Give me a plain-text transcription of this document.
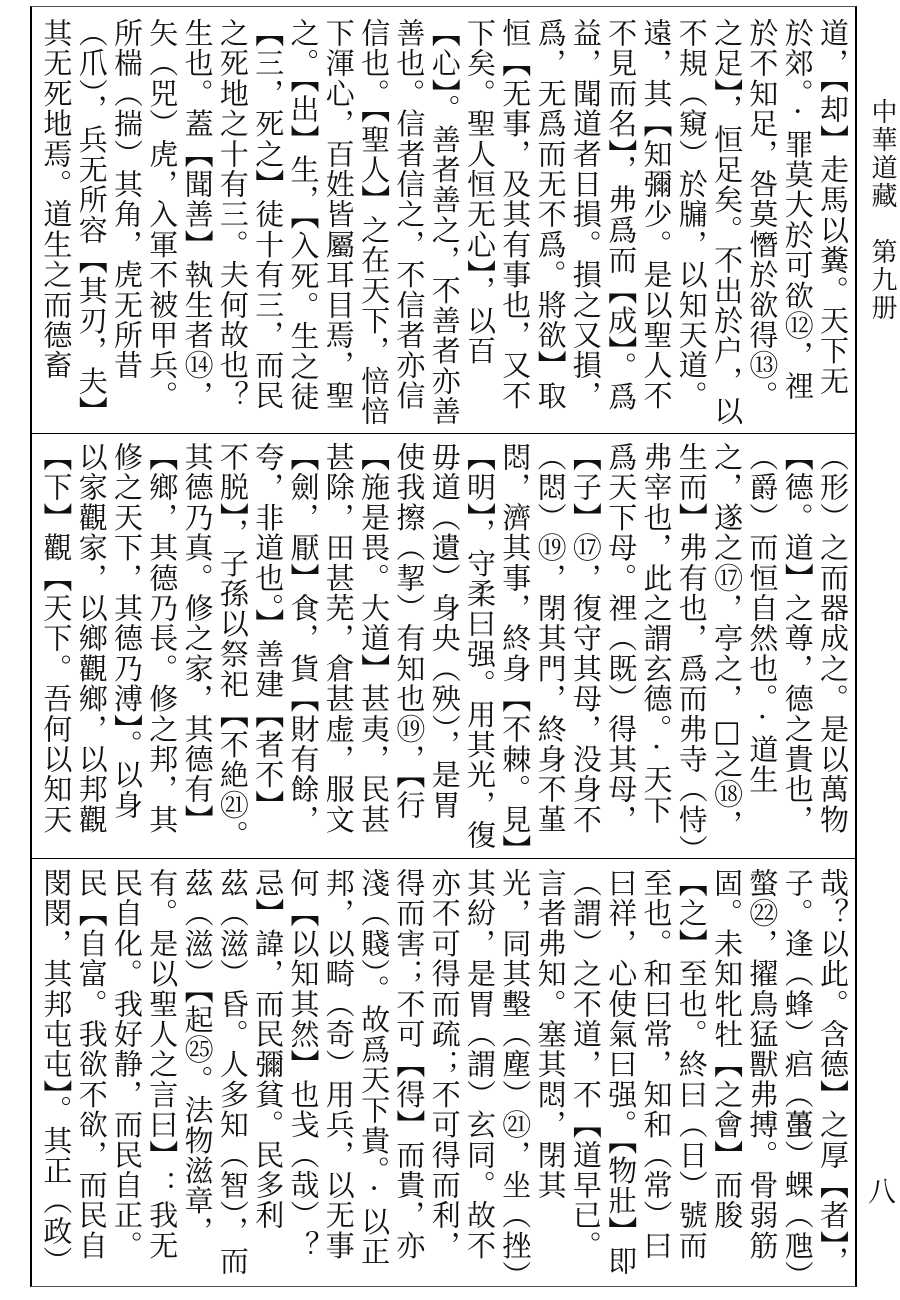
中華道藏　第九册
八
道，【却】走馬以糞。天下无
於郊。·罪莫大於可欲⑫，𥚃
於不知足，咎莫憯於欲得⑬。
之足】，恒足矣。不出於户，以
不規（窺）於牖，以知天道。
遠，其【知彌少。是以聖人不
不見而名】，弗爲而【成】。爲
益，聞道者日損。損之又損，
爲，无爲而无不爲。將欲】取
恒【无事，及其有事也，又不
下矣。聖人恒无心】，以百
【心】。善者善之，不善者亦善
善也。信者信之，不信者亦信
信也。【聖人】之在天下，㥉㥉
下渾心，百姓皆屬耳目焉，聖
之。【出】生，【入死。生之徒
【三，死之】徒十有三，而民
之死地之十有三。夫何故也？
生也。蓋【聞善】執生者⑭，
矢（兕）虎，入軍不被甲兵。
所椯（揣）其角，虎无所昔
（爪），兵无所容【其刃，夫】
其无死地焉。道生之而德畜
（形）之而器成之。是以萬物
【德。道】之尊，德之貴也，
（爵）而恒自然也。·道生
之，遂之⑰，亭之，□之⑱，
生而】弗有也，爲而弗寺（恃）
弗宰也，此之謂玄德。·天下
爲天下母。𥚃（既）得其母，
【子】⑰，復守其母，没身不
（悶）⑲，閉其門，終身不堇
悶，濟其事，終身【不棘。見】
【明】，守柔曰强。用其光，復
毋道（遺）身央（殃），是胃
使我擦（挈）有知也⑲，【行
【施是畏。大道】甚夷，民甚
甚除，田甚芜，倉甚虚，服文
【劍，厭】食，貨【財有餘，
夸，非道也。】善建【者不】
不脱】，子孫以祭祀【不絶㉑。
其德乃真。修之家，其德有】
【鄉，其德乃長。修之邦，其
修之天下，其德乃溥】。以身
以家觀家，以鄉觀鄉，以邦觀
【下】觀【天下。吾何以知天
哉？以此。含德】之厚【者】，
子。逢（蜂）㾔（蠆）蜾（虺）
螫㉒，擢鳥猛獸弗搏。骨弱筋
固。未知牝牡【之會】而朘
【之】至也。終曰（日）號而
至也。和曰常，知和（常）曰
曰祥，心使氣曰强。【物壯】即
（謂）之不道，不【道早已。
言者弗知。塞其悶，閉其
光，同其墼（塵）㉑，坐（挫）
其紛，是胃（謂）玄同。故不
亦不可得而疏；不可得而利，
得而害；不可【得】而貴，亦
淺（賤）。故爲天下貴。·以正
邦，以畸（奇）用兵，以无事
何【以知其然】也戋（哉）？
忌】諱，而民彌貧。民多利
茲（滋）昏。人多知（智），而
茲（滋）【起㉕。法物滋章，
有。是以聖人之言曰】：我无
民自化。我好静，而民自正。
民【自富。我欲不欲，而民自
閔閔，其邦屯屯】。其正（政）
